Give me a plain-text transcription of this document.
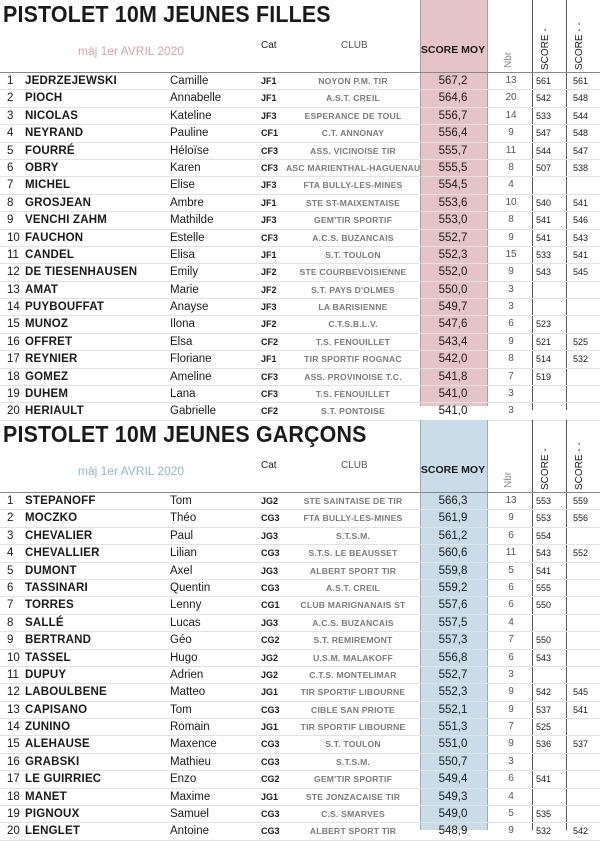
PISTOLET 10M JEUNES FILLES
màj 1er AVRIL 2020	Cat	CLUB	SCORE MOY
Nbr	SCORE - SCORE - -
1	JEDRZEJEWSKI	Camille	JF1	NOYON P.M. TIR	567,2	13	561 561
2	PIOCH	Annabelle	JF1	A.S.T. CREIL	564,6	20	542 548
3	NICOLAS	Kateline	JF3	ESPERANCE DE TOUL	556,7	14	533 544
4	NEYRAND	Pauline	CF1	C.T. ANNONAY	556,4	9	547 548
5	FOURRÉ	Héloïse	CF3	ASS. VICINOISE TIR	555,7	11	544 547
6	OBRY	Karen	CF3 ASC MARIENTHAL-HAGUENAU	555,5	8	507 538
7	MICHEL	Elise	JF3	FTA BULLY-LES-MINES	554,5	4
8	GROSJEAN	Ambre	JF1	STE ST-MAIXENTAISE	553,6	10	540 541
9	VENCHI ZAHM	Mathilde	JF3	GEM'TIR SPORTIF	553,0	8	541 546
10 FAUCHON	Estelle	CF3	A.C.S. BUZANCAIS	552,7	9	541 543
11 CANDEL	Elisa	JF1	S.T. TOULON	552,3	15	533 541
12 DE TIESENHAUSEN	Emily	JF2	STE COURBEVOISIENNE	552,0	9	543 545
13 AMAT	Marie	JF2	S.T. PAYS D'OLMES	550,0	3
14 PUYBOUFFAT	Anayse	JF3	LA BARISIENNE	549,7	3
15 MUNOZ	Ilona	JF2	C.T.S.B.L.V.	547,6	6	523
16 OFFRET	Elsa	CF2	T.S. FENOUILLET	543,4	9	521 525
17 REYNIER	Floriane	JF1	TIR SPORTIF ROGNAC	542,0	8	514 532
18 GOMEZ	Ameline	CF3	ASS. PROVINOISE T.C.	541,8	7	519
19 DUHEM	Lana	CF3	T.S. FENOUILLET	541,0	3
20 HERIAULT	Gabrielle	CF2	S.T. PONTOISE	541,0	3
PISTOLET 10M JEUNES GARÇONS
màj 1er AVRIL 2020	Cat	CLUB	SCORE MOY
Nbr	SCORE - SCORE - -
1	STEPANOFF	Tom	JG2	STE SAINTAISE DE TIR	566,3	13	553 559
2	MOCZKO	Théo	CG3	FTA BULLY-LES-MINES	561,9	9	553 556
3	CHEVALIER	Paul	JG3	S.T.S.M.	561,2	6	554
4	CHEVALLIER	Lilian	CG3	S.T.S. LE BEAUSSET	560,6	11	543 552
5	DUMONT	Axel	JG3	ALBERT SPORT TIR	559,8	5	541
6	TASSINARI	Quentin	CG3	A.S.T. CREIL	559,2	6	555
7	TORRES	Lenny	CG1	CLUB MARIGNANAIS ST	557,6	6	550
8	SALLÉ	Lucas	JG3	A.C.S. BUZANCAIS	557,5	4
9	BERTRAND	Géo	CG2	S.T. REMIREMONT	557,3	7	550
10 TASSEL	Hugo	JG2	U.S.M. MALAKOFF	556,8	6	543
11 DUPUY	Adrien	JG2	C.T.S. MONTELIMAR	552,7	3
12 LABOULBENE	Matteo	JG1	TIR SPORTIF LIBOURNE	552,3	9	542 545
13 CAPISANO	Tom	CG3	CIBLE SAN PRIOTE	552,1	9	537 541
14 ZUNINO	Romain	JG1	TIR SPORTIF LIBOURNE	551,3	7	525
15 ALEHAUSE	Maxence	CG3	S.T. TOULON	551,0	9	536 537
16 GRABSKI	Mathieu	CG3	S.T.S.M.	550,7	3
17 LE GUIRRIEC	Enzo	CG2	GEM'TIR SPORTIF	549,4	6	541
18 MANET	Maxime	JG1	STE JONZACAISE TIR	549,3	4
19 PIGNOUX	Samuel	CG3	C.S. SMARVES	549,0	5	535
20 LENGLET	Antoine	CG3	ALBERT SPORT TIR	548,9	9	532 542
